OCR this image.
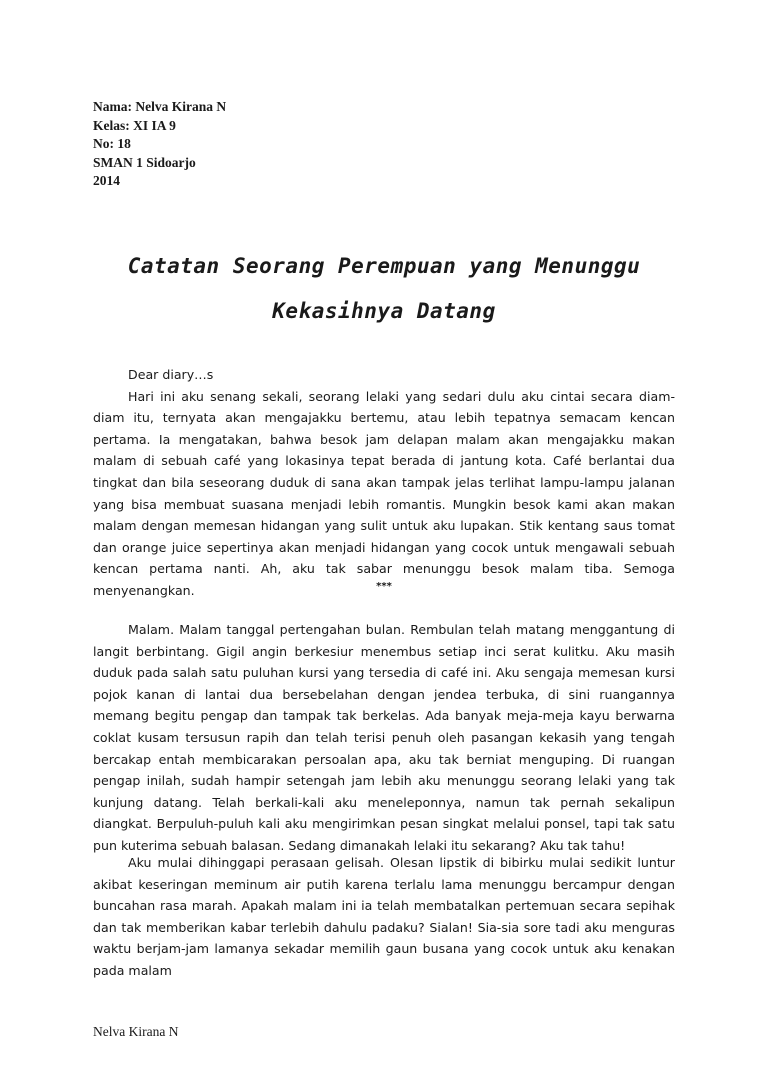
Nama: Nelva Kirana N
Kelas: XI IA 9
No: 18
SMAN 1 Sidoarjo
2014
Catatan Seorang Perempuan yang Menunggu
Kekasihnya Datang

Dear diary…s

Hari ini aku senang sekali, seorang lelaki yang sedari dulu aku cintai secara diam-diam itu, ternyata akan mengajakku bertemu, atau lebih tepatnya semacam kencan pertama. Ia mengatakan, bahwa besok jam delapan malam akan mengajakku makan malam di sebuah café yang lokasinya tepat berada di jantung kota. Café berlantai dua tingkat dan bila seseorang duduk di sana akan tampak jelas terlihat lampu-lampu jalanan yang bisa membuat suasana menjadi lebih romantis. Mungkin besok kami akan makan malam dengan memesan hidangan yang sulit untuk aku lupakan. Stik kentang saus tomat dan orange juice sepertinya akan menjadi hidangan yang cocok untuk mengawali sebuah kencan pertama nanti. Ah, aku tak sabar menunggu besok malam tiba. Semoga menyenangkan.	***

Malam. Malam tanggal pertengahan bulan. Rembulan telah matang menggantung di langit berbintang. Gigil angin berkesiur menembus setiap inci serat kulitku. Aku masih duduk pada salah satu puluhan kursi yang tersedia di café ini. Aku sengaja memesan kursi pojok kanan di lantai dua bersebelahan dengan jendea terbuka, di sini ruangannya memang begitu pengap dan tampak tak berkelas. Ada banyak meja-meja kayu berwarna coklat kusam tersusun rapih dan telah terisi penuh oleh pasangan kekasih yang tengah bercakap entah membicarakan persoalan apa, aku tak berniat menguping. Di ruangan pengap inilah, sudah hampir setengah jam lebih aku menunggu seorang lelaki yang tak kunjung datang. Telah berkali-kali aku meneleponnya, namun tak pernah sekalipun diangkat. Berpuluh-puluh kali aku mengirimkan pesan singkat melalui ponsel, tapi tak satu pun kuterima sebuah balasan. Sedang dimanakah lelaki itu sekarang? Aku tak tahu!

Aku mulai dihinggapi perasaan gelisah. Olesan lipstik di bibirku mulai sedikit luntur akibat keseringan meminum air putih karena terlalu lama menunggu bercampur dengan buncahan rasa marah. Apakah malam ini ia telah membatalkan pertemuan secara sepihak dan tak memberikan kabar terlebih dahulu padaku? Sialan! Sia-sia sore tadi aku menguras waktu berjam-jam lamanya sekadar memilih gaun busana yang cocok untuk aku kenakan pada malam

Nelva Kirana N
